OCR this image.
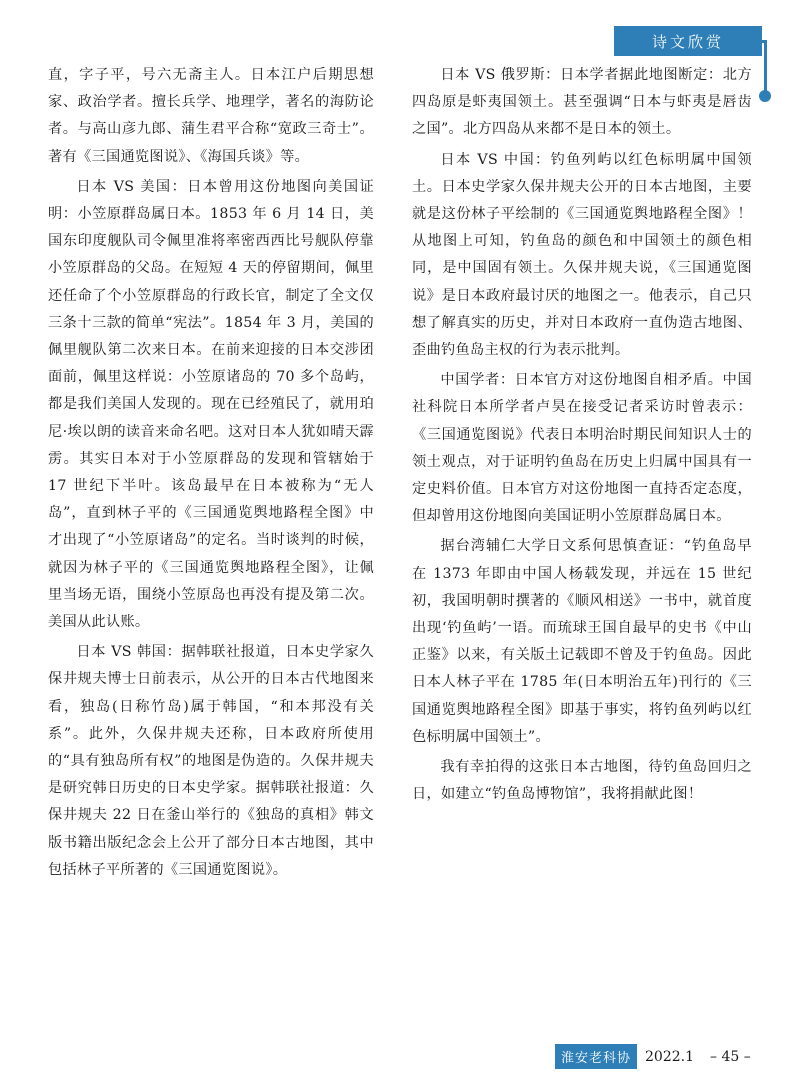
诗文欣赏

直，字子平，号六无斋主人。日本江户后期思想家、政治学者。擅长兵学、地理学，著名的海防论者。与高山彦九郎、蒲生君平合称“宽政三奇士”。著有《三国通览图说》、《海国兵谈》等。

日本 VS 美国：日本曾用这份地图向美国证明：小笠原群岛属日本。1853 年 6 月 14 日，美国东印度舰队司令佩里准将率密西西比号舰队停靠小笠原群岛的父岛。在短短 4 天的停留期间，佩里还任命了个小笠原群岛的行政长官，制定了全文仅三条十三款的简单“宪法”。1854 年 3 月，美国的佩里舰队第二次来日本。在前来迎接的日本交涉团面前，佩里这样说：小笠原诸岛的 70 多个岛屿，都是我们美国人发现的。现在已经殖民了，就用珀尼·埃以朗的读音来命名吧。这对日本人犹如晴天霹雳。其实日本对于小笠原群岛的发现和管辖始于 17 世纪下半叶。该岛最早在日本被称为“无人岛”，直到林子平的《三国通览舆地路程全图》中才出现了“小笠原诸岛”的定名。当时谈判的时候，就因为林子平的《三国通览舆地路程全图》，让佩里当场无语，围绕小笠原岛也再没有提及第二次。美国从此认账。

日本 VS 韩国：据韩联社报道，日本史学家久保井规夫博士日前表示，从公开的日本古代地图来看，独岛(日称竹岛)属于韩国，“和本邦没有关系”。此外，久保井规夫还称，日本政府所使用的“具有独岛所有权”的地图是伪造的。久保井规夫是研究韩日历史的日本史学家。据韩联社报道：久保井规夫 22 日在釜山举行的《独岛的真相》韩文版书籍出版纪念会上公开了部分日本古地图，其中包括林子平所著的《三国通览图说》。

日本 VS 俄罗斯：日本学者据此地图断定：北方四岛原是虾夷国领土。甚至强调“日本与虾夷是唇齿之国”。北方四岛从来都不是日本的领土。

日本 VS 中国：钓鱼列屿以红色标明属中国领土。日本史学家久保井规夫公开的日本古地图，主要就是这份林子平绘制的《三国通览舆地路程全图》！从地图上可知，钓鱼岛的颜色和中国领土的颜色相同，是中国固有领土。久保井规夫说，《三国通览图说》是日本政府最讨厌的地图之一。他表示，自己只想了解真实的历史，并对日本政府一直伪造古地图、歪曲钓鱼岛主权的行为表示批判。

中国学者：日本官方对这份地图自相矛盾。中国社科院日本所学者卢昊在接受记者采访时曾表示：《三国通览图说》代表日本明治时期民间知识人士的领土观点，对于证明钓鱼岛在历史上归属中国具有一定史料价值。日本官方对这份地图一直持否定态度，但却曾用这份地图向美国证明小笠原群岛属日本。

据台湾辅仁大学日文系何思慎查证：“钓鱼岛早在 1373 年即由中国人杨载发现，并远在 15 世纪初，我国明朝时撰著的《顺风相送》一书中，就首度出现‘钓鱼屿’一语。而琉球王国自最早的史书《中山正鉴》以来，有关版土记载即不曾及于钓鱼岛。因此日本人林子平在 1785 年(日本明治五年)刊行的《三国通览舆地路程全图》即基于事实，将钓鱼列屿以红色标明属中国领土”。

我有幸拍得的这张日本古地图，待钓鱼岛回归之日，如建立“钓鱼岛博物馆”，我将捐献此图！

淮安老科协	2022.1 – 45 –
